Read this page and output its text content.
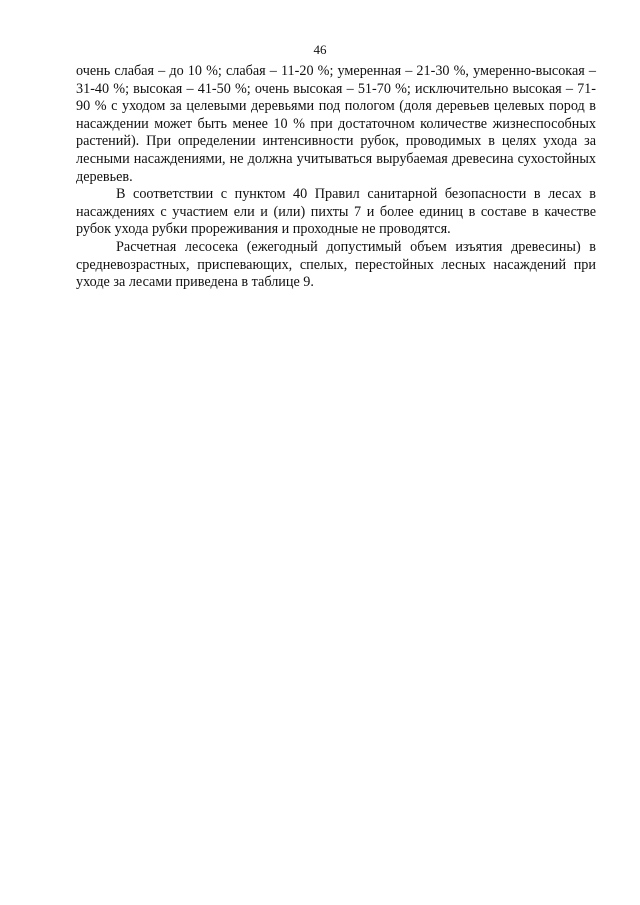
46

очень слабая – до 10 %; слабая – 11-20 %; умеренная – 21-30 %, умеренно-высокая – 31-40 %; высокая – 41-50 %; очень высокая – 51-70 %; исключительно высокая – 71-90 % с уходом за целевыми деревьями под пологом (доля деревьев целевых пород в насаждении может быть менее 10 % при достаточном количестве жизнеспособных растений). При определении интенсивности рубок, проводимых в целях ухода за лесными насаждениями, не должна учитываться вырубаемая древесина сухостойных деревьев.

В соответствии с пунктом 40 Правил санитарной безопасности в лесах в насаждениях с участием ели и (или) пихты 7 и более единиц в составе в качестве рубок ухода рубки прореживания и проходные не проводятся.

Расчетная лесосека (ежегодный допустимый объем изъятия древесины) в средневозрастных, приспевающих, спелых, перестойных лесных насаждений при уходе за лесами приведена в таблице 9.
